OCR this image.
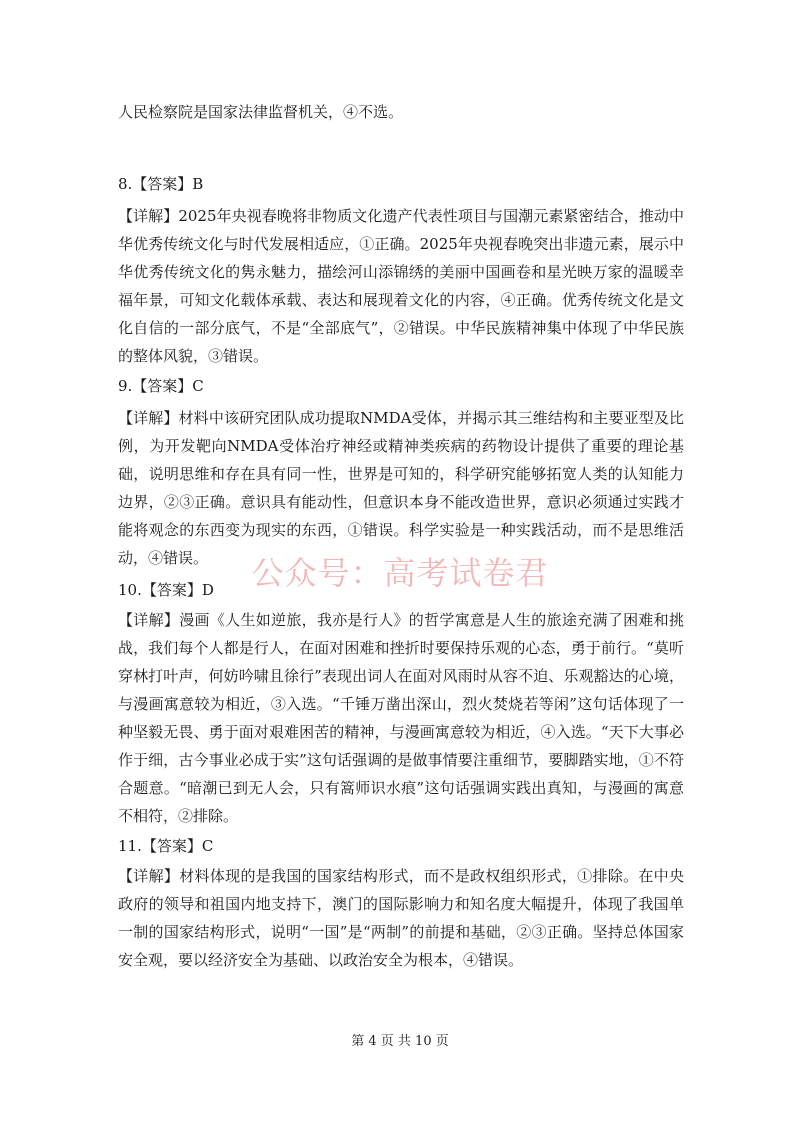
人民检察院是国家法律监督机关，④不选。

8.【答案】B

【详解】2025年央视春晚将非物质文化遗产代表性项目与国潮元素紧密结合，推动中华优秀传统文化与时代发展相适应，①正确。2025年央视春晚突出非遗元素，展示中华优秀传统文化的隽永魅力，描绘河山添锦绣的美丽中国画卷和星光映万家的温暖幸福年景，可知文化载体承载、表达和展现着文化的内容，④正确。优秀传统文化是文化自信的一部分底气，不是“全部底气”，②错误。中华民族精神集中体现了中华民族的整体风貌，③错误。

9.【答案】C

【详解】材料中该研究团队成功提取NMDA受体，并揭示其三维结构和主要亚型及比例，为开发靶向NMDA受体治疗神经或精神类疾病的药物设计提供了重要的理论基础，说明思维和存在具有同一性，世界是可知的，科学研究能够拓宽人类的认知能力边界，②③正确。意识具有能动性，但意识本身不能改造世界，意识必须通过实践才能将观念的东西变为现实的东西，①错误。科学实验是一种实践活动，而不是思维活动，④错误。	公众号：高考试卷君

10.【答案】D

【详解】漫画《人生如逆旅，我亦是行人》的哲学寓意是人生的旅途充满了困难和挑战，我们每个人都是行人，在面对困难和挫折时要保持乐观的心态，勇于前行。“莫听穿林打叶声，何妨吟啸且徐行”表现出词人在面对风雨时从容不迫、乐观豁达的心境，与漫画寓意较为相近，③入选。“千锤万凿出深山，烈火焚烧若等闲”这句话体现了一种坚毅无畏、勇于面对艰难困苦的精神，与漫画寓意较为相近，④入选。“天下大事必作于细，古今事业必成于实”这句话强调的是做事情要注重细节，要脚踏实地，①不符合题意。“暗潮已到无人会，只有篙师识水痕”这句话强调实践出真知，与漫画的寓意不相符，②排除。

11.【答案】C

【详解】材料体现的是我国的国家结构形式，而不是政权组织形式，①排除。在中央政府的领导和祖国内地支持下，澳门的国际影响力和知名度大幅提升，体现了我国单一制的国家结构形式，说明“一国”是“两制”的前提和基础，②③正确。坚持总体国家安全观，要以经济安全为基础、以政治安全为根本，④错误。

第 4 页 共 10 页
